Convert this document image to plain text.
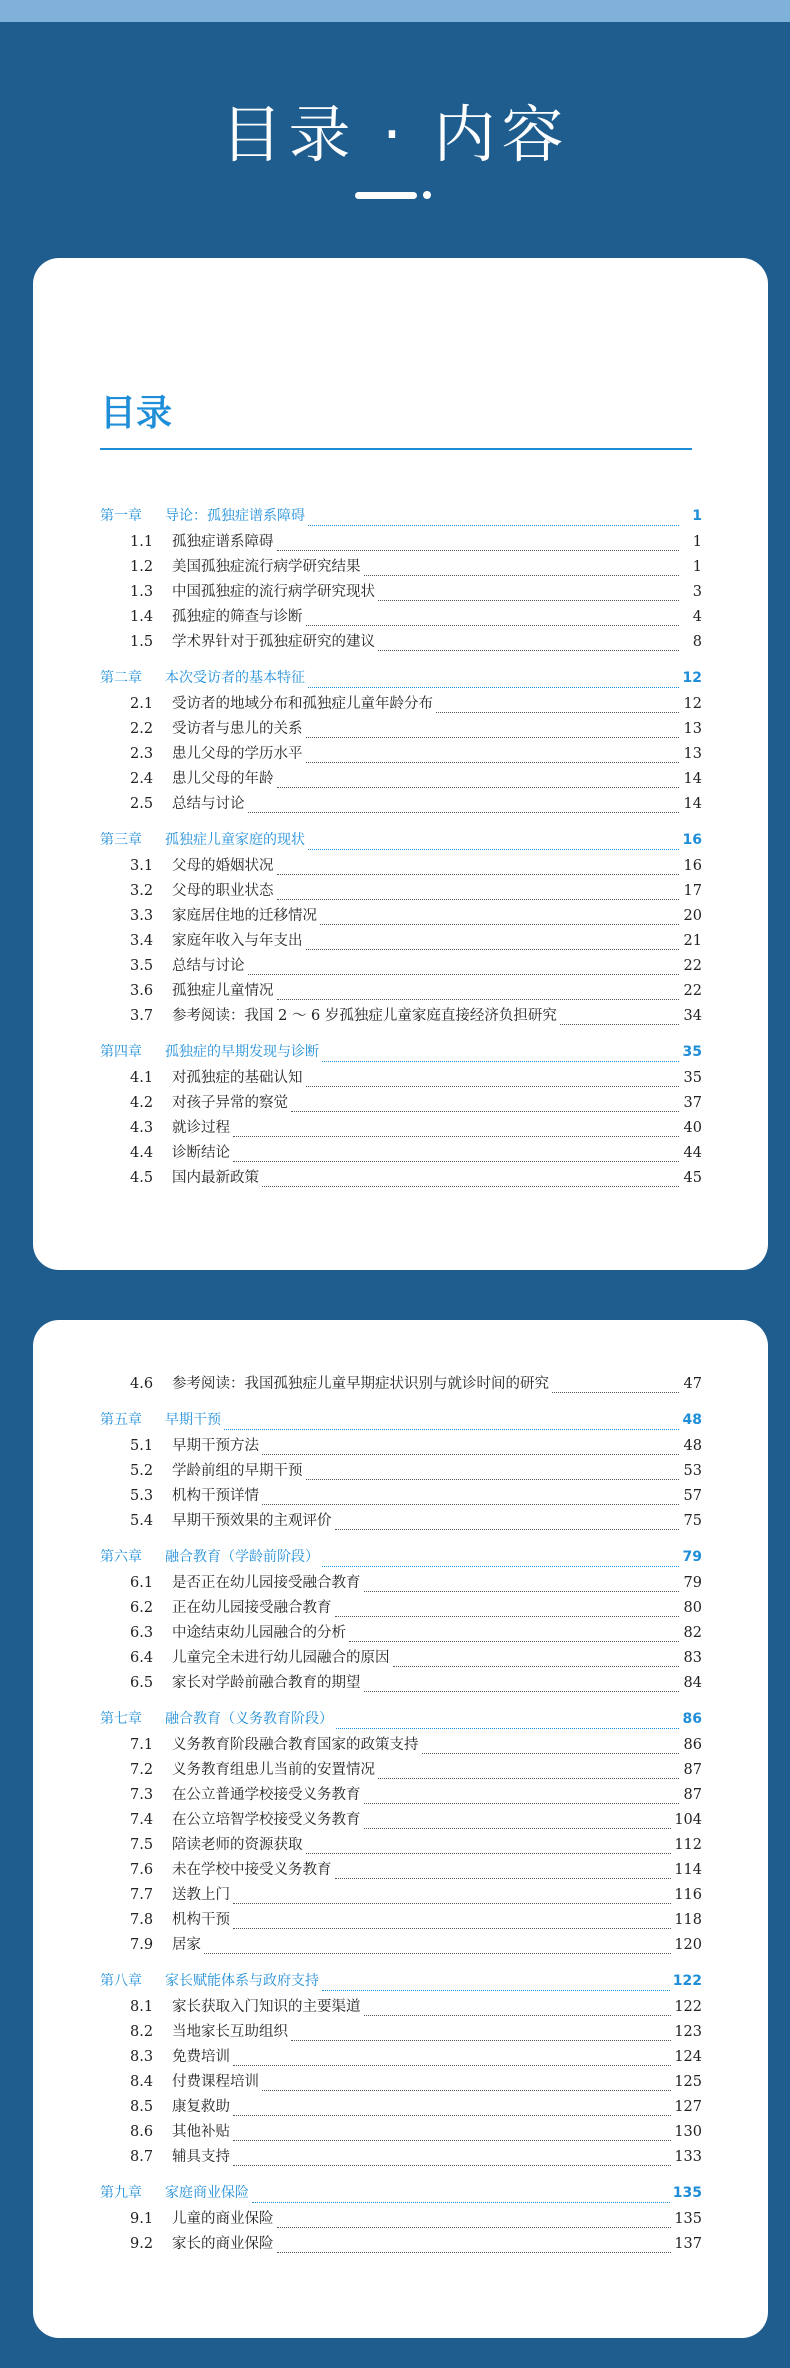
目录 · 内容
目录
第一章	导论：孤独症谱系障碍	1
1.1	孤独症谱系障碍	1
1.2	美国孤独症流行病学研究结果	1
1.3	中国孤独症的流行病学研究现状	3
1.4	孤独症的筛查与诊断	4
1.5	学术界针对于孤独症研究的建议	8
第二章	本次受访者的基本特征	12
2.1	受访者的地域分布和孤独症儿童年龄分布	12
2.2	受访者与患儿的关系	13
2.3	患儿父母的学历水平	13
2.4	患儿父母的年龄	14
2.5	总结与讨论	14
第三章	孤独症儿童家庭的现状	16
3.1	父母的婚姻状况	16
3.2	父母的职业状态	17
3.3	家庭居住地的迁移情况	20
3.4	家庭年收入与年支出	21
3.5	总结与讨论	22
3.6	孤独症儿童情况	22
3.7	参考阅读：我国 2 ～ 6 岁孤独症儿童家庭直接经济负担研究	34
第四章	孤独症的早期发现与诊断	35
4.1	对孤独症的基础认知	35
4.2	对孩子异常的察觉	37
4.3	就诊过程	40
4.4	诊断结论	44
4.5	国内最新政策	45
4.6	参考阅读：我国孤独症儿童早期症状识别与就诊时间的研究	47
第五章	早期干预	48
5.1	早期干预方法	48
5.2	学龄前组的早期干预	53
5.3	机构干预详情	57
5.4	早期干预效果的主观评价	75
第六章	融合教育（学龄前阶段）	79
6.1	是否正在幼儿园接受融合教育	79
6.2	正在幼儿园接受融合教育	80
6.3	中途结束幼儿园融合的分析	82
6.4	儿童完全未进行幼儿园融合的原因	83
6.5	家长对学龄前融合教育的期望	84
第七章	融合教育（义务教育阶段）	86
7.1	义务教育阶段融合教育国家的政策支持	86
7.2	义务教育组患儿当前的安置情况	87
7.3	在公立普通学校接受义务教育	87
7.4	在公立培智学校接受义务教育	104
7.5	陪读老师的资源获取	112
7.6	未在学校中接受义务教育	114
7.7	送教上门	116
7.8	机构干预	118
7.9	居家	120
第八章	家长赋能体系与政府支持	122
8.1	家长获取入门知识的主要渠道	122
8.2	当地家长互助组织	123
8.3	免费培训	124
8.4	付费课程培训	125
8.5	康复救助	127
8.6	其他补贴	130
8.7	辅具支持	133
第九章	家庭商业保险	135
9.1	儿童的商业保险	135
9.2	家长的商业保险	137
